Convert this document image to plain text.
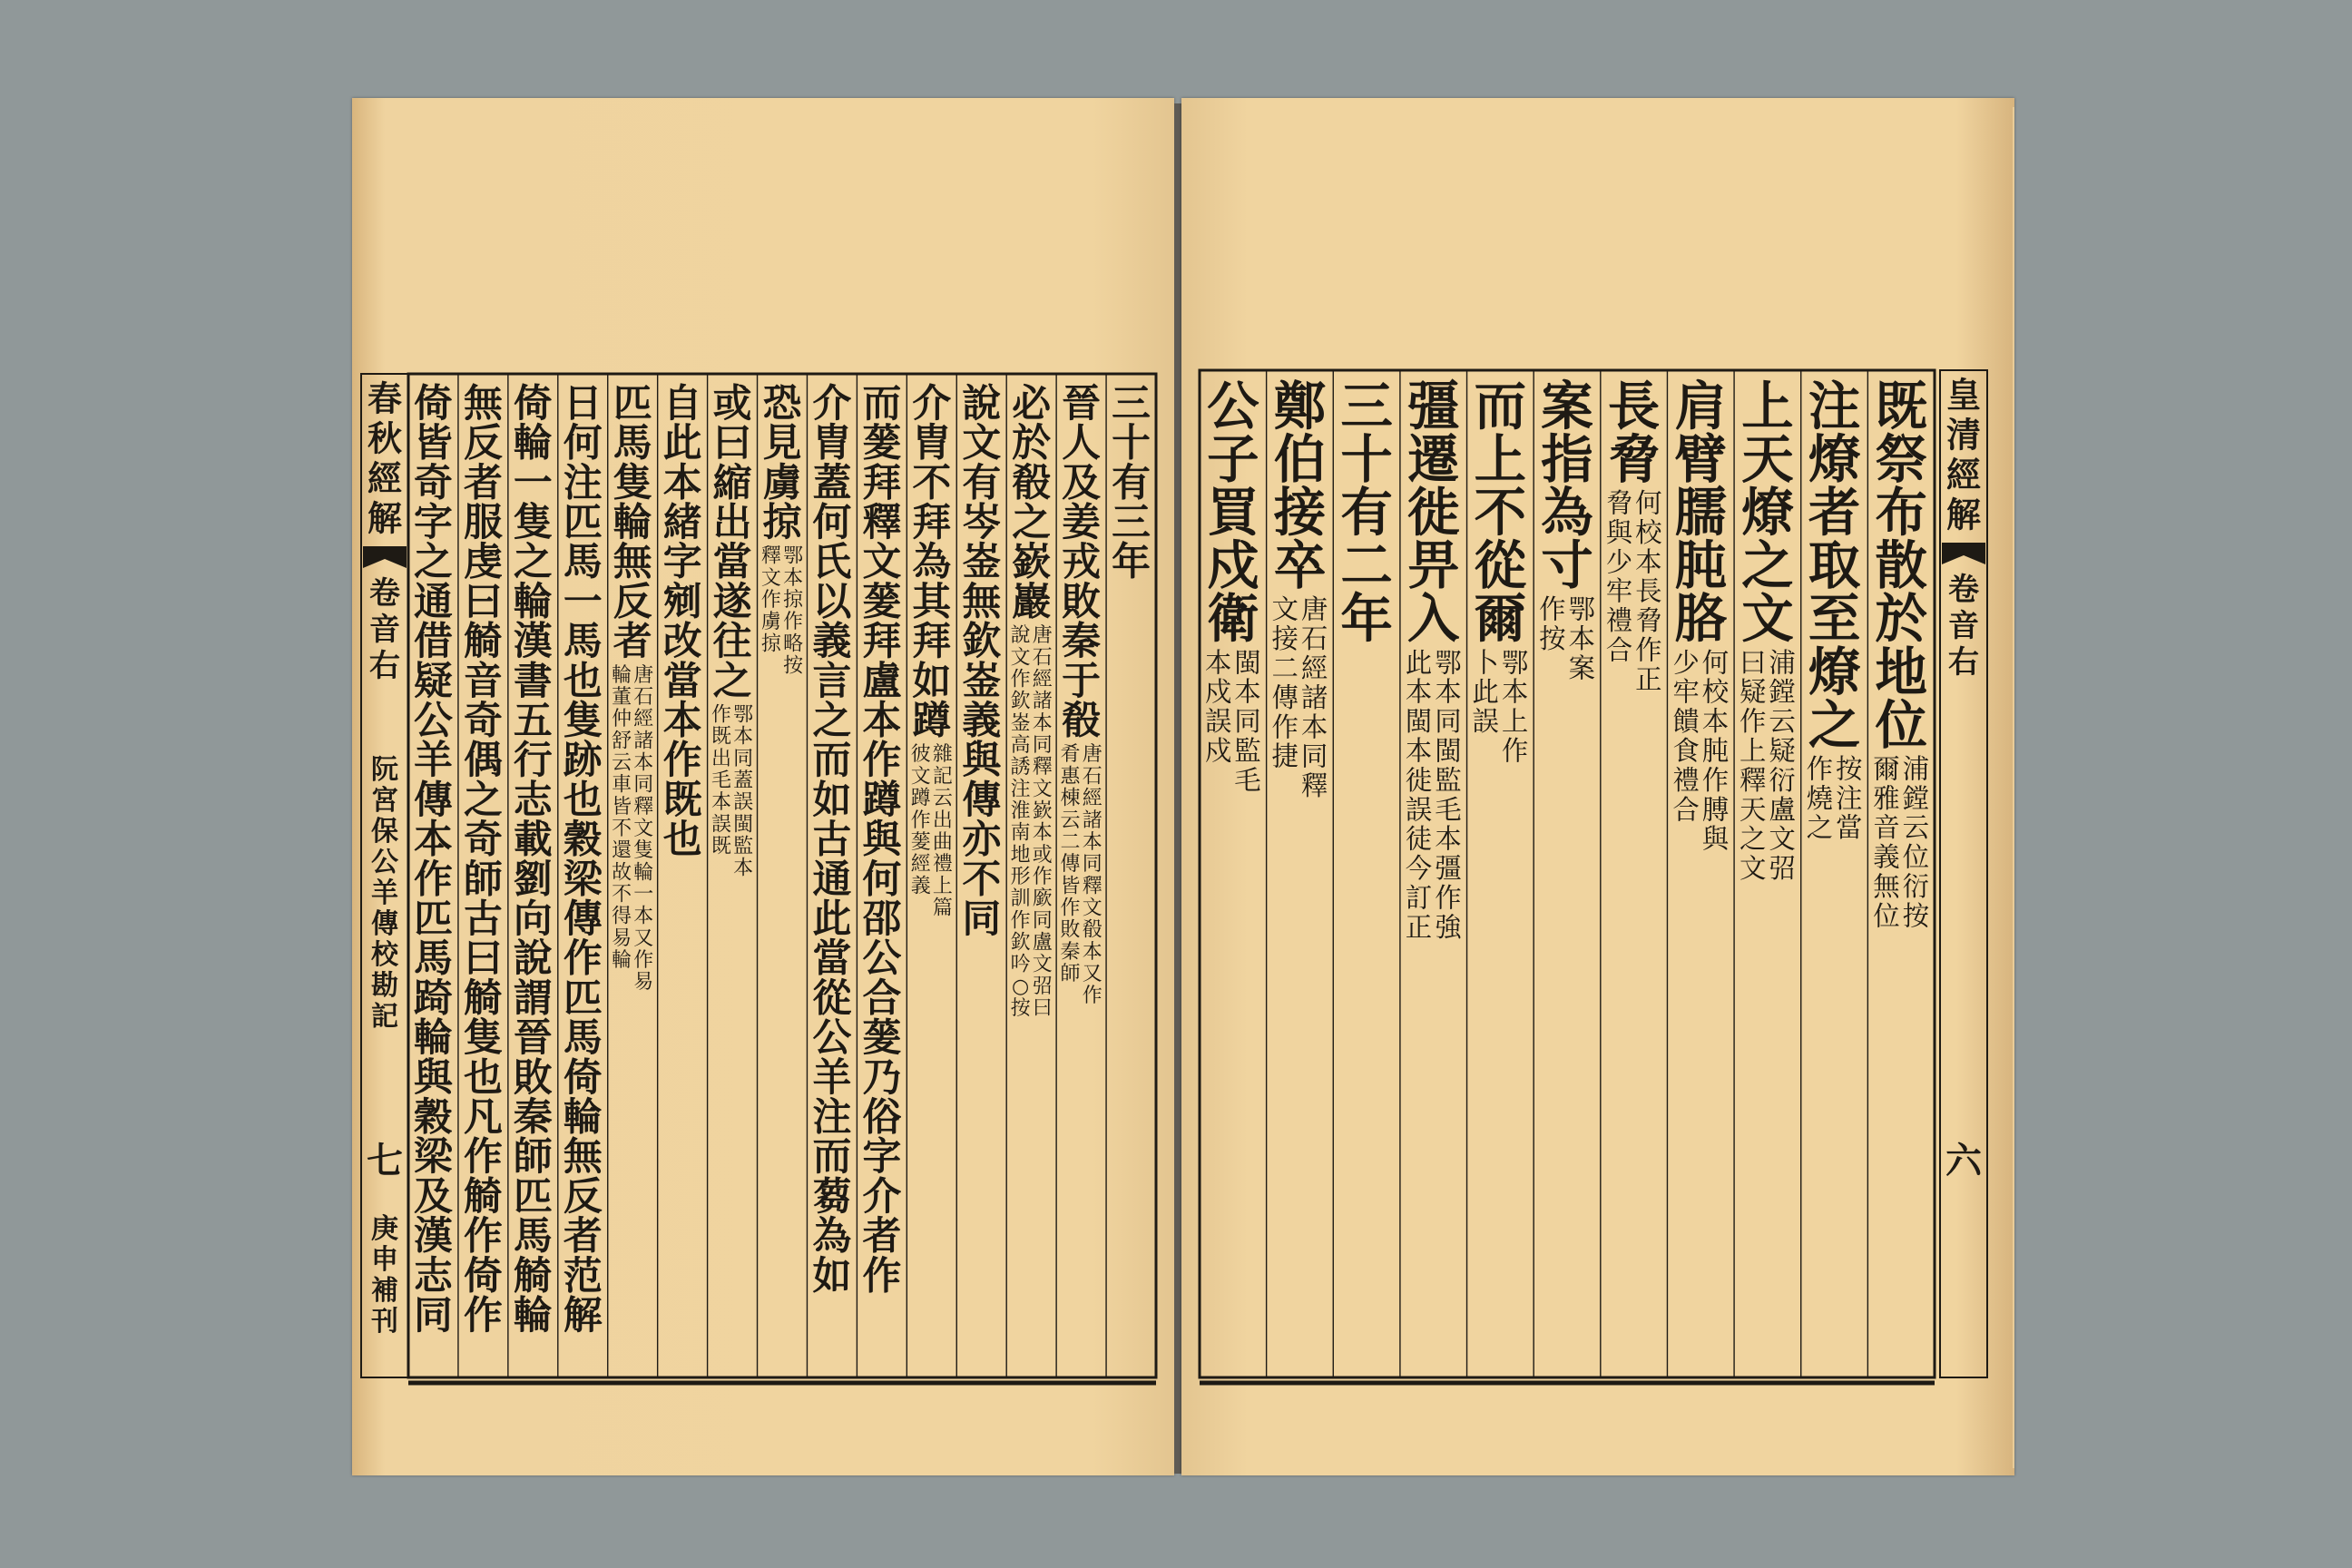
三
十
有
三
年
晉
人
及
姜
戎
敗
秦
于
殽
唐
石
經
諸
本
同
釋
文
殽
本
又
作
肴
惠
棟
云
二
傳
皆
作
敗
秦
師
必
於
殽
之
嶔
巖
唐
石
經
諸
本
同
釋
文
嶔
本
或
作
廞
同
盧
文
弨
曰
說
文
作
欽
崟
高
誘
注
淮
南
地
形
訓
作
欽
吟
○
按
說
文
有
岑
崟
無
欽
崟
義
與
傳
亦
不
同
介
胄
不
拜
為
其
拜
如
蹲
雜
記
云
出
曲
禮
上
篇
彼
文
蹲
作
蓌
經
義
而
蓌
拜
釋
文
蓌
拜
盧
本
作
蹲
與
何
邵
公
合
蓌
乃
俗
字
介
者
作
介
胄
蓋
何
氏
以
義
言
之
而
如
古
通
此
當
從
公
羊
注
而
蒭
為
如
恐
見
虜
掠
鄂
本
掠
作
略
按
釋
文
作
虜
掠
或
曰
縮
出
當
遂
往
之
鄂
本
同
蓋
誤
閩
監
本
作
既
出
毛
本
誤
既
自
此
本
緒
字
剜
改
當
本
作
既
也
匹
馬
隻
輪
無
反
者
唐
石
經
諸
本
同
釋
文
隻
輪
一
本
又
作
易
輪
董
仲
舒
云
車
皆
不
還
故
不
得
易
輪
日
何
注
匹
馬
一
馬
也
隻
跡
也
穀
梁
傳
作
匹
馬
倚
輪
無
反
者
范
解
倚
輪
一
隻
之
輪
漢
書
五
行
志
載
劉
向
說
謂
晉
敗
秦
師
匹
馬
觭
輪
無
反
者
服
虔
曰
觭
音
奇
偶
之
奇
師
古
曰
觭
隻
也
凡
作
觭
作
倚
作
倚
皆
奇
字
之
通
借
疑
公
羊
傳
本
作
匹
馬
踦
輪
與
穀
梁
及
漢
志
同
春
秋
經
解
卷
音
右
七
阮
宮
保
公
羊
傳
校
勘
記
庚
申
補
刊
既
祭
布
散
於
地
位
浦
鏜
云
位
衍
按
爾
雅
音
義
無
位
注
燎
者
取
至
燎
之
按
注
當
作
燒
之
上
天
燎
之
文
浦
鏜
云
疑
衍
盧
文
弨
曰
疑
作
上
釋
天
之
文
肩
臂
臑
肫
胳
何
校
本
肫
作
膊
與
少
牢
饋
食
禮
合
長
脅
何
校
本
長
脅
作
正
脅
與
少
牢
禮
合
案
指
為
寸
鄂
本
案
作
按
而
上
不
從
爾
鄂
本
上
作
卜
此
誤
彊
遷
徙
畀
入
鄂
本
同
閩
監
毛
本
彊
作
強
此
本
閩
本
徙
誤
徒
今
訂
正
三
十
有
二
年
鄭
伯
接
卒
唐
石
經
諸
本
同
釋
文
接
二
傳
作
捷
公
子
買
戍
衛
閩
本
同
監
毛
本
戍
誤
戍
皇
清
經
解
卷
音
右
六
